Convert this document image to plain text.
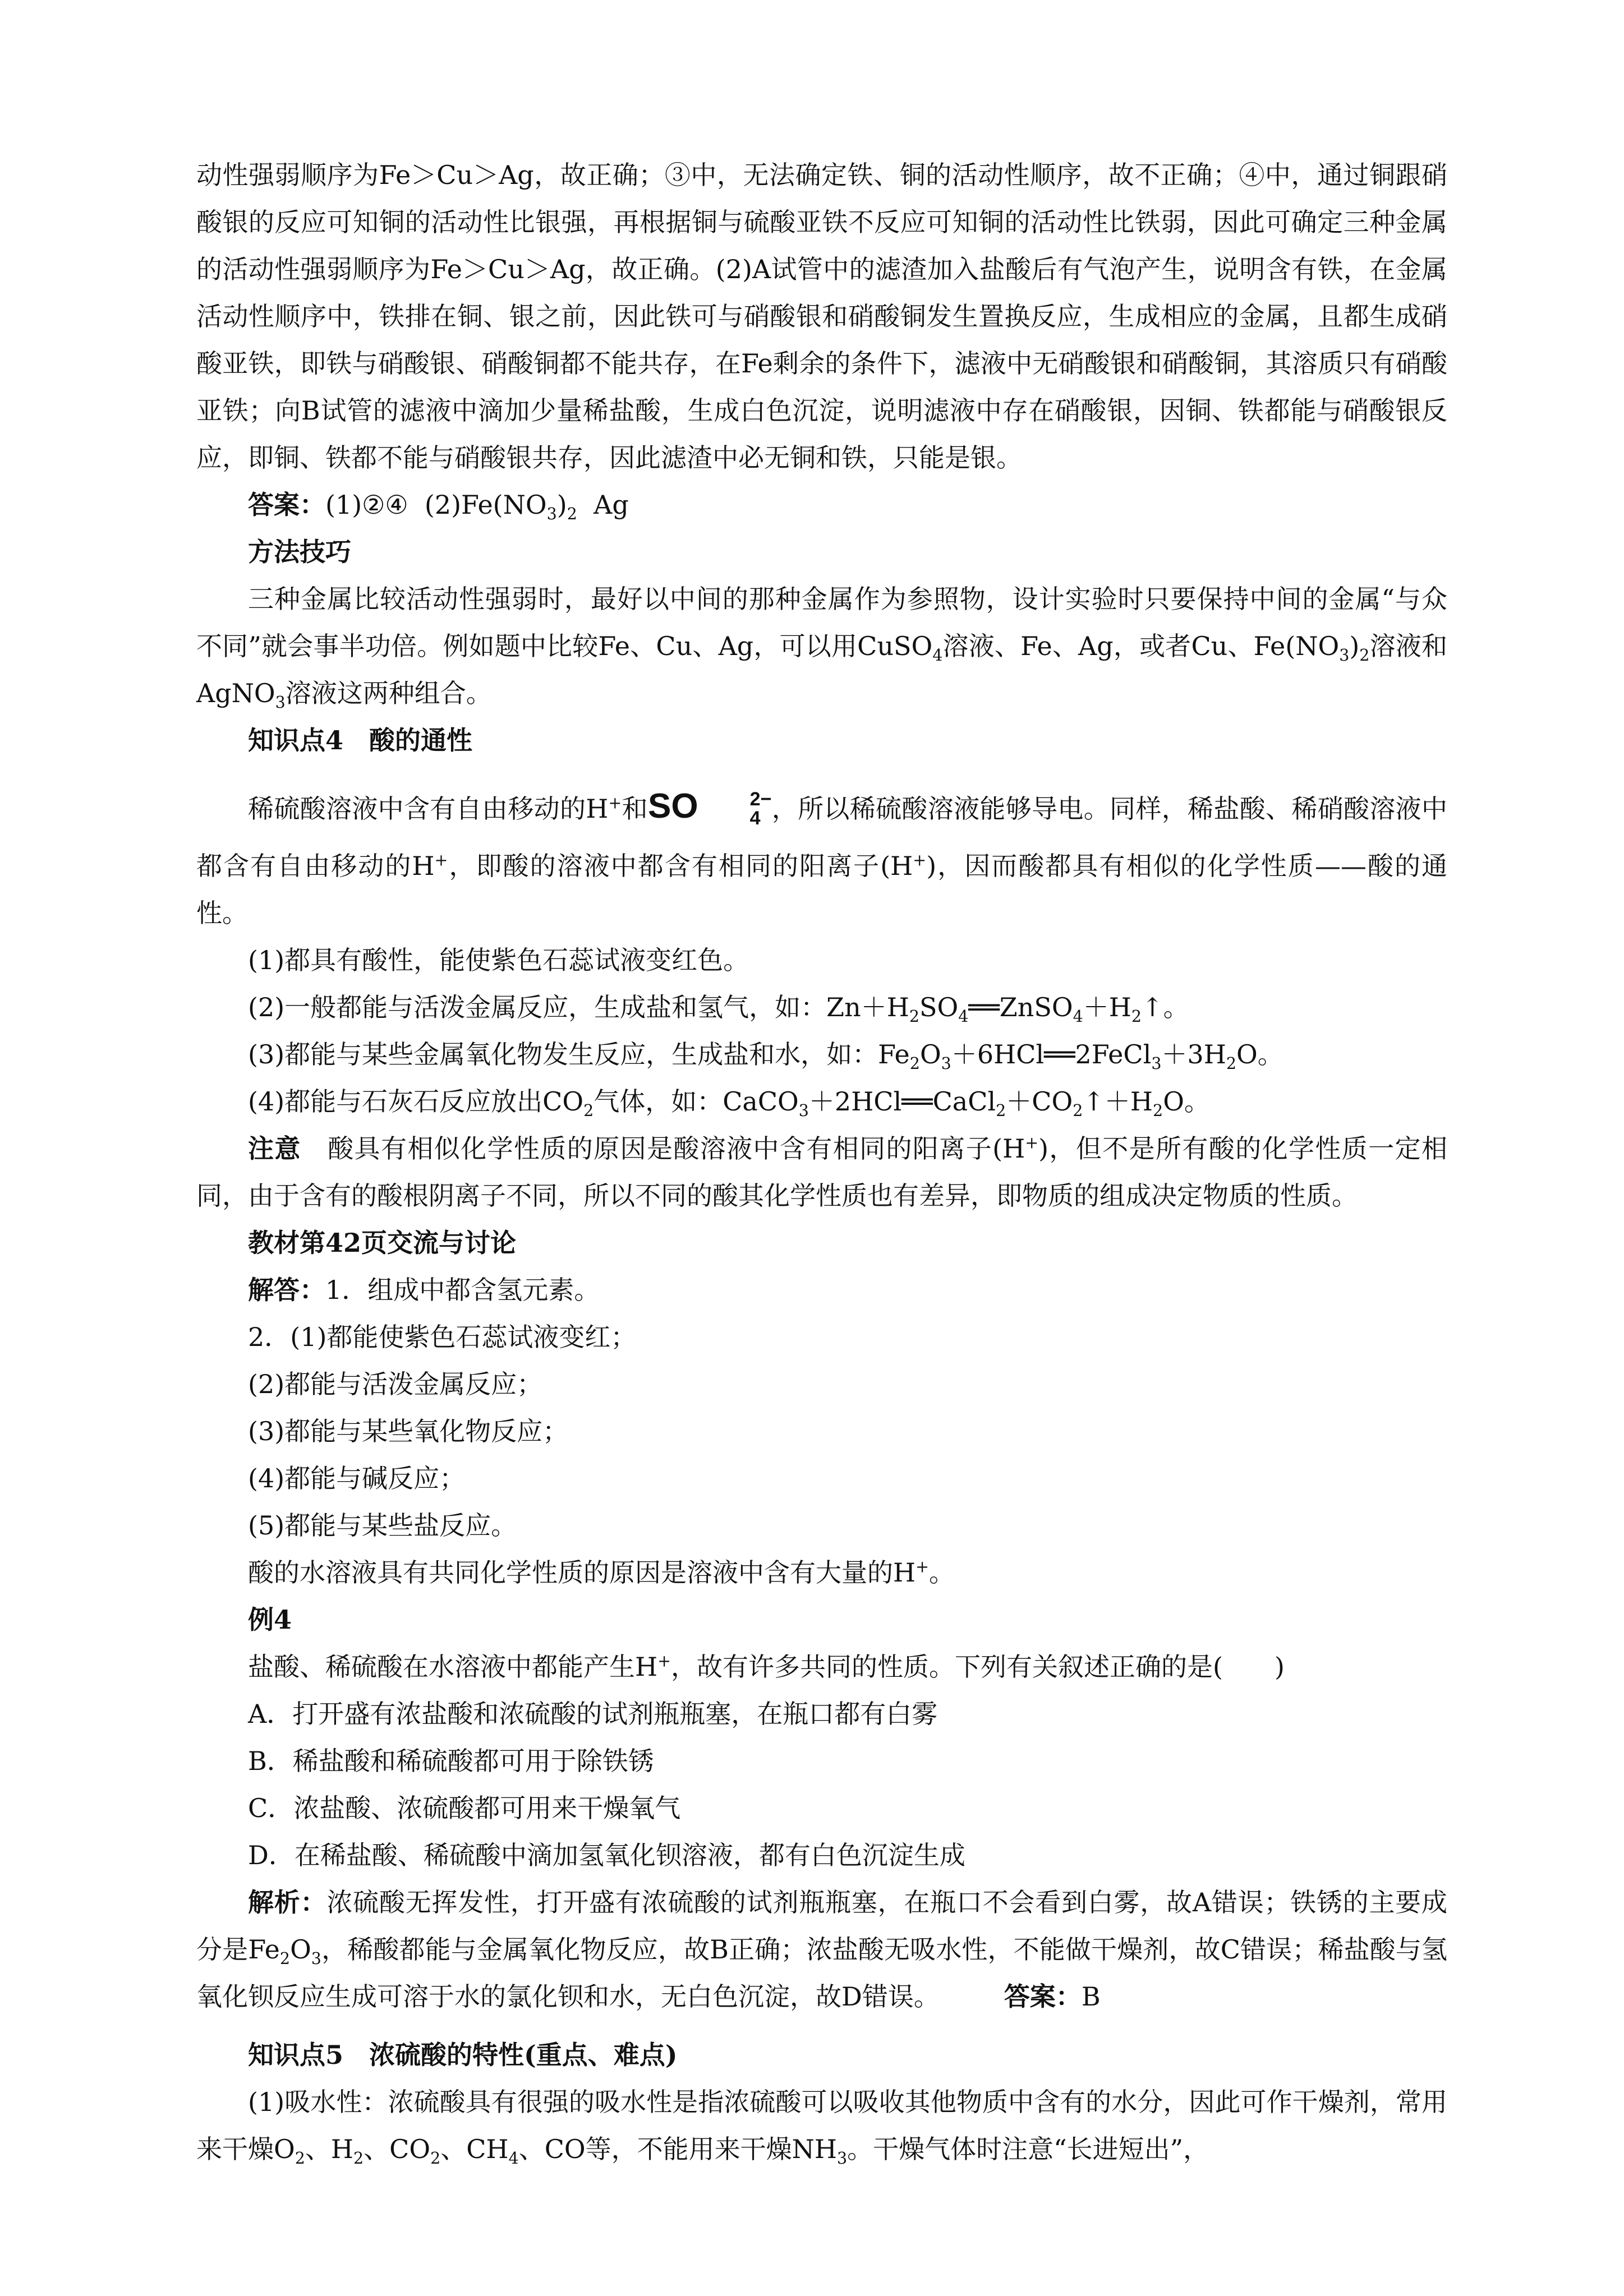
动性强弱顺序为Fe＞Cu＞Ag，故正确；③中，无法确定铁、铜的活动性顺序，故不正确；④中，通过铜跟硝酸银的反应可知铜的活动性比银强，再根据铜与硫酸亚铁不反应可知铜的活动性比铁弱，因此可确定三种金属的活动性强弱顺序为Fe＞Cu＞Ag，故正确。(2)A试管中的滤渣加入盐酸后有气泡产生，说明含有铁，在金属活动性顺序中，铁排在铜、银之前，因此铁可与硝酸银和硝酸铜发生置换反应，生成相应的金属，且都生成硝酸亚铁，即铁与硝酸银、硝酸铜都不能共存，在Fe剩余的条件下，滤液中无硝酸银和硝酸铜，其溶质只有硝酸亚铁；向B试管的滤液中滴加少量稀盐酸，生成白色沉淀，说明滤液中存在硝酸银，因铜、铁都能与硝酸银反应，即铜、铁都不能与硝酸银共存，因此滤渣中必无铜和铁，只能是银。

答案：(1)②④ $(2)Fe(NO_3)_2$ Ag

方法技巧

三种金属比较活动性强弱时，最好以中间的那种金属作为参照物，设计实验时只要保持中间的金属“与众不同”就会事半功倍。例如题中比较Fe、Cu、Ag，可以用CuSO$_4$溶液、Fe、Ag，或者Cu、$Fe(NO_3)_2$溶液和AgNO$_3$溶液这两种组合。

知识点4　酸的通性

稀硫酸溶液中含有自由移动的H+和SO	2−
4 ，所以稀硫酸溶液能够导电。同样，稀盐酸、稀硝酸溶液中都含有自由移动的H+，即酸的溶液中都含有相同的阳离子(H+)，因而酸都具有相似的化学性质——酸的通性。

(1)都具有酸性，能使紫色石蕊试液变红色。

(2)一般都能与活泼金属反应，生成盐和氢气，如：$Zn+H_2SO_4══ZnSO_4+H_2↑$。

(3)都能与某些金属氧化物发生反应，生成盐和水，如：$Fe_2O_3+6HCl══2FeCl_3+3H_2O$。

(4)都能与石灰石反应放出$CO_2$气体，如：$CaCO_3+2HCl══CaCl_2+CO_2↑+H_2O$。

注意　酸具有相似化学性质的原因是酸溶液中含有相同的阳离子(H+)，但不是所有酸的化学性质一定相同，由于含有的酸根阴离子不同，所以不同的酸其化学性质也有差异，即物质的组成决定物质的性质。

教材第42页交流与讨论

解答：1．组成中都含氢元素。

2．(1)都能使紫色石蕊试液变红；

(2)都能与活泼金属反应；

(3)都能与某些氧化物反应；

(4)都能与碱反应；

(5)都能与某些盐反应。

酸的水溶液具有共同化学性质的原因是溶液中含有大量的H+。

例4

盐酸、稀硫酸在水溶液中都能产生H+，故有许多共同的性质。下列有关叙述正确的是(　　)

A．打开盛有浓盐酸和浓硫酸的试剂瓶瓶塞，在瓶口都有白雾

B．稀盐酸和稀硫酸都可用于除铁锈

C．浓盐酸、浓硫酸都可用来干燥氧气

D．在稀盐酸、稀硫酸中滴加氢氧化钡溶液，都有白色沉淀生成

解析：浓硫酸无挥发性，打开盛有浓硫酸的试剂瓶瓶塞，在瓶口不会看到白雾，故A错误；铁锈的主要成分是$Fe_2O_3$，稀酸都能与金属氧化物反应，故B正确；浓盐酸无吸水性，不能做干燥剂，故C错误；稀盐酸与氢氧化钡反应生成可溶于水的氯化钡和水，无白色沉淀，故D错误。　　　答案：B

知识点5　浓硫酸的特性(重点、难点)

(1)吸水性：浓硫酸具有很强的吸水性是指浓硫酸可以吸收其他物质中含有的水分，因此可作干燥剂，常用来干燥$O_2$、$H_2$、$CO_2$、$CH_4$、CO等，不能用来干燥$NH_3$。干燥气体时注意“长进短出”，
